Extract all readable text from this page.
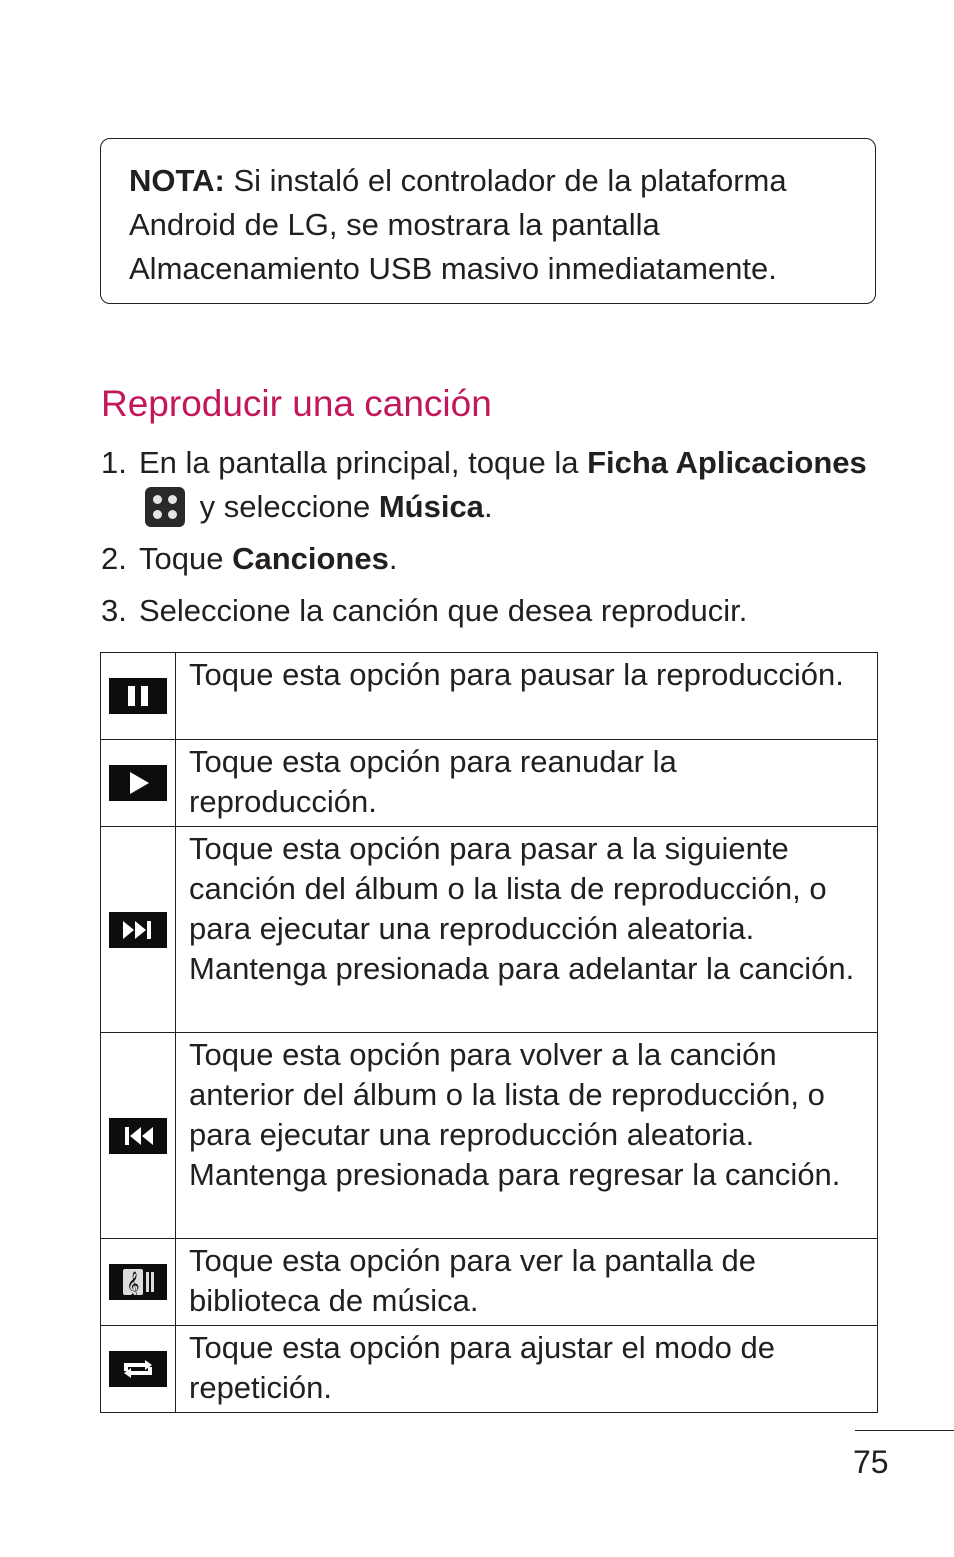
NOTA: Si instaló el controlador de la plataforma Android de LG, se mostrara la pantalla Almacenamiento USB masivo inmediatamente.
Reproducir una canción
1. En la pantalla principal, toque la Ficha Aplicaciones
y seleccione Música.
2. Toque Canciones.
3. Seleccione la canción que desea reproducir.
	Toque esta opción para pausar la reproducción.

	Toque esta opción para reanudar la reproducción.

	Toque esta opción para pasar a la siguiente canción del álbum o la lista de reproducción, o para ejecutar una reproducción aleatoria. Mantenga presionada para adelantar la canción.

	Toque esta opción para volver a la canción anterior del álbum o la lista de reproducción, o para ejecutar una reproducción aleatoria. Mantenga presionada para regresar la canción.

𝄞	Toque esta opción para ver la pantalla de biblioteca de música.

	Toque esta opción para ajustar el modo de repetición.
75
